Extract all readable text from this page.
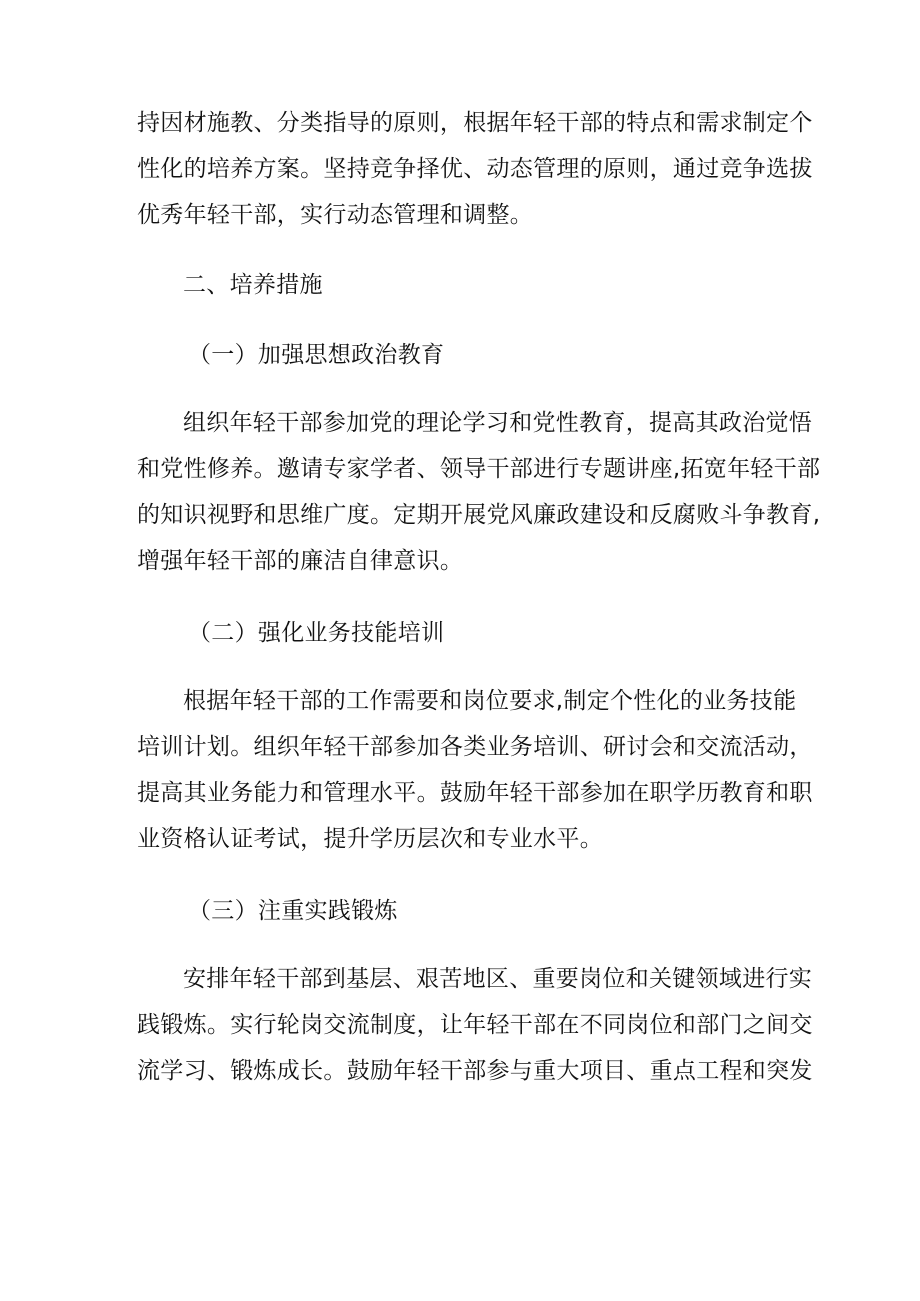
持因材施教、分类指导的原则，根据年轻干部的特点和需求制定个
性化的培养方案。坚持竞争择优、动态管理的原则，通过竞争选拔
优秀年轻干部，实行动态管理和调整。
二、培养措施
（一）加强思想政治教育
组织年轻干部参加党的理论学习和党性教育，提高其政治觉悟
和党性修养。邀请专家学者、领导干部进行专题讲座,拓宽年轻干部
的知识视野和思维广度。定期开展党风廉政建设和反腐败斗争教育,
增强年轻干部的廉洁自律意识。
（二）强化业务技能培训
根据年轻干部的工作需要和岗位要求,制定个性化的业务技能
培训计划。组织年轻干部参加各类业务培训、研讨会和交流活动，
提高其业务能力和管理水平。鼓励年轻干部参加在职学历教育和职
业资格认证考试，提升学历层次和专业水平。
（三）注重实践锻炼
安排年轻干部到基层、艰苦地区、重要岗位和关键领域进行实
践锻炼。实行轮岗交流制度，让年轻干部在不同岗位和部门之间交
流学习、锻炼成长。鼓励年轻干部参与重大项目、重点工程和突发
